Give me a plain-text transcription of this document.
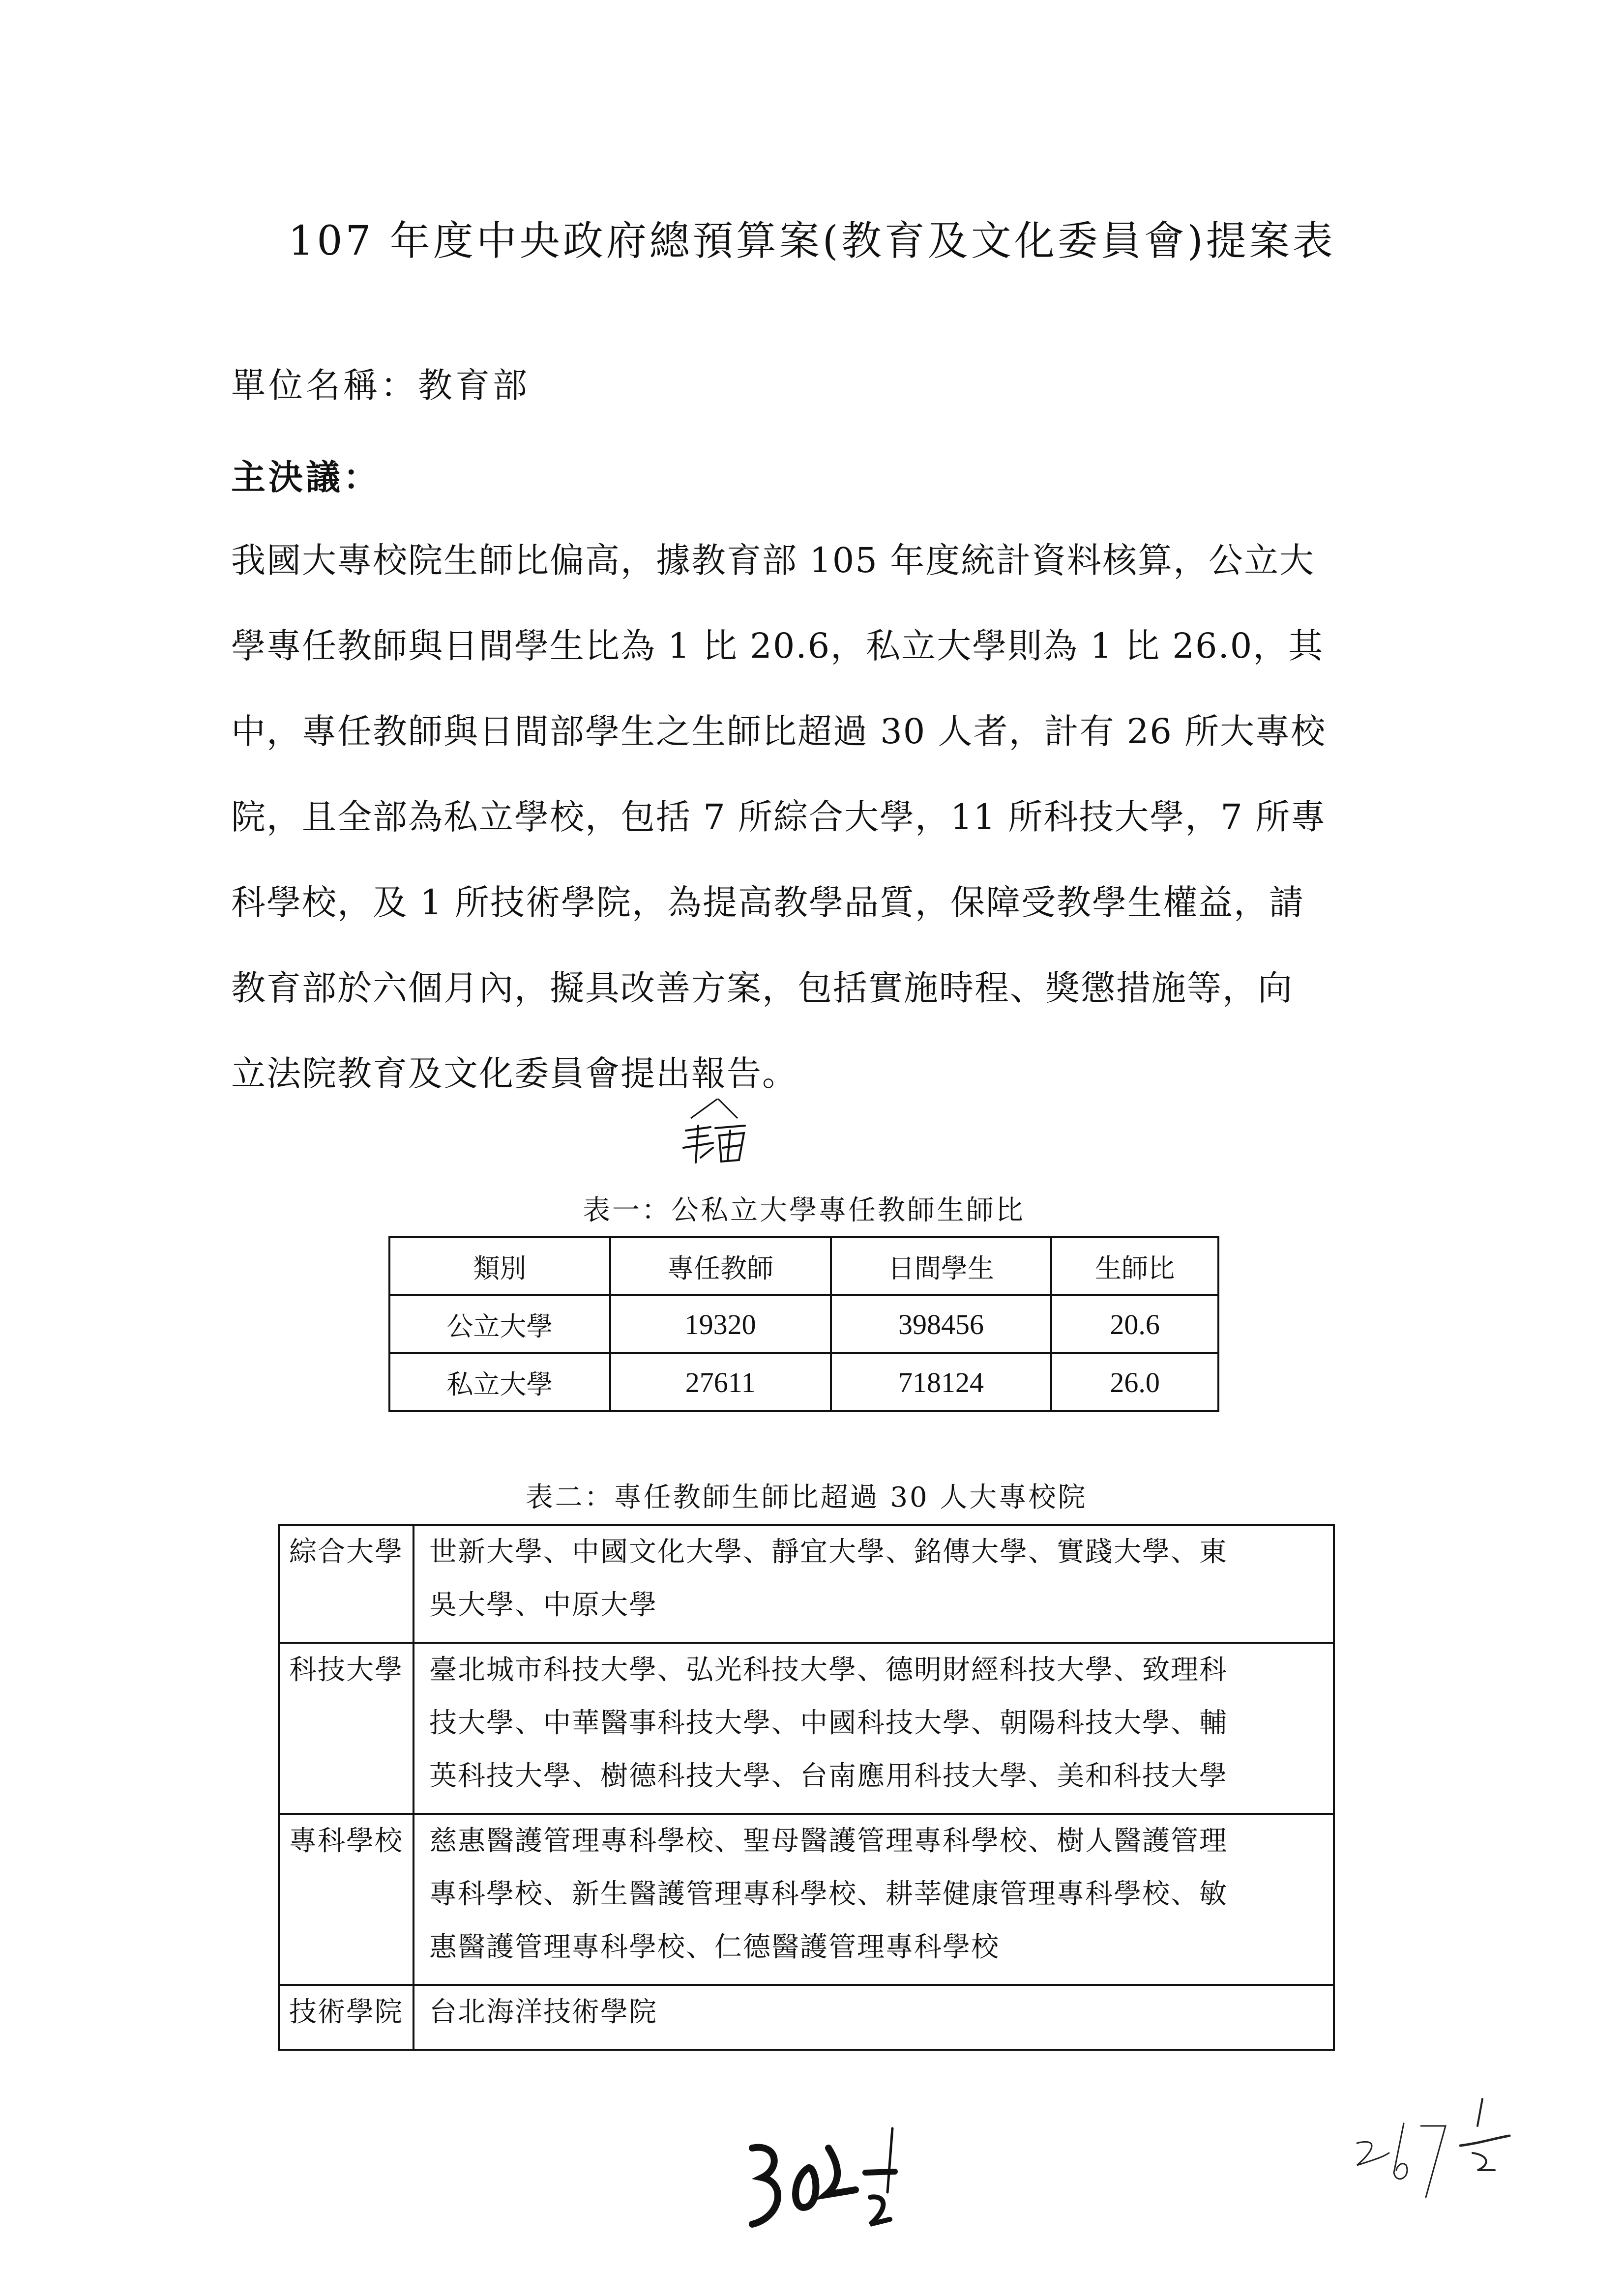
107 年度中央政府總預算案(教育及文化委員會)提案表
單位名稱：教育部
主決議：
我國大專校院生師比偏高，據教育部 105 年度統計資料核算，公立大
學專任教師與日間學生比為 1 比 20.6，私立大學則為 1 比 26.0，其
中，專任教師與日間部學生之生師比超過 30 人者，計有 26 所大專校
院，且全部為私立學校，包括 7 所綜合大學，11 所科技大學，7 所專
科學校，及 1 所技術學院，為提高教學品質，保障受教學生權益，請
教育部於六個月內，擬具改善方案，包括實施時程、獎懲措施等，向
立法院教育及文化委員會提出報告。
表一：公私立大學專任教師生師比
類別	專任教師	日間學生	生師比
公立大學	19320	398456	20.6
私立大學	27611	718124	26.0
表二：專任教師生師比超過 30 人大專校院
綜合大學	世新大學、中國文化大學、靜宜大學、銘傳大學、實踐大學、東
吳大學、中原大學

科技大學	臺北城市科技大學、弘光科技大學、德明財經科技大學、致理科
技大學、中華醫事科技大學、中國科技大學、朝陽科技大學、輔
英科技大學、樹德科技大學、台南應用科技大學、美和科技大學

專科學校	慈惠醫護管理專科學校、聖母醫護管理專科學校、樹人醫護管理
專科學校、新生醫護管理專科學校、耕莘健康管理專科學校、敏
惠醫護管理專科學校、仁德醫護管理專科學校

技術學院	台北海洋技術學院
